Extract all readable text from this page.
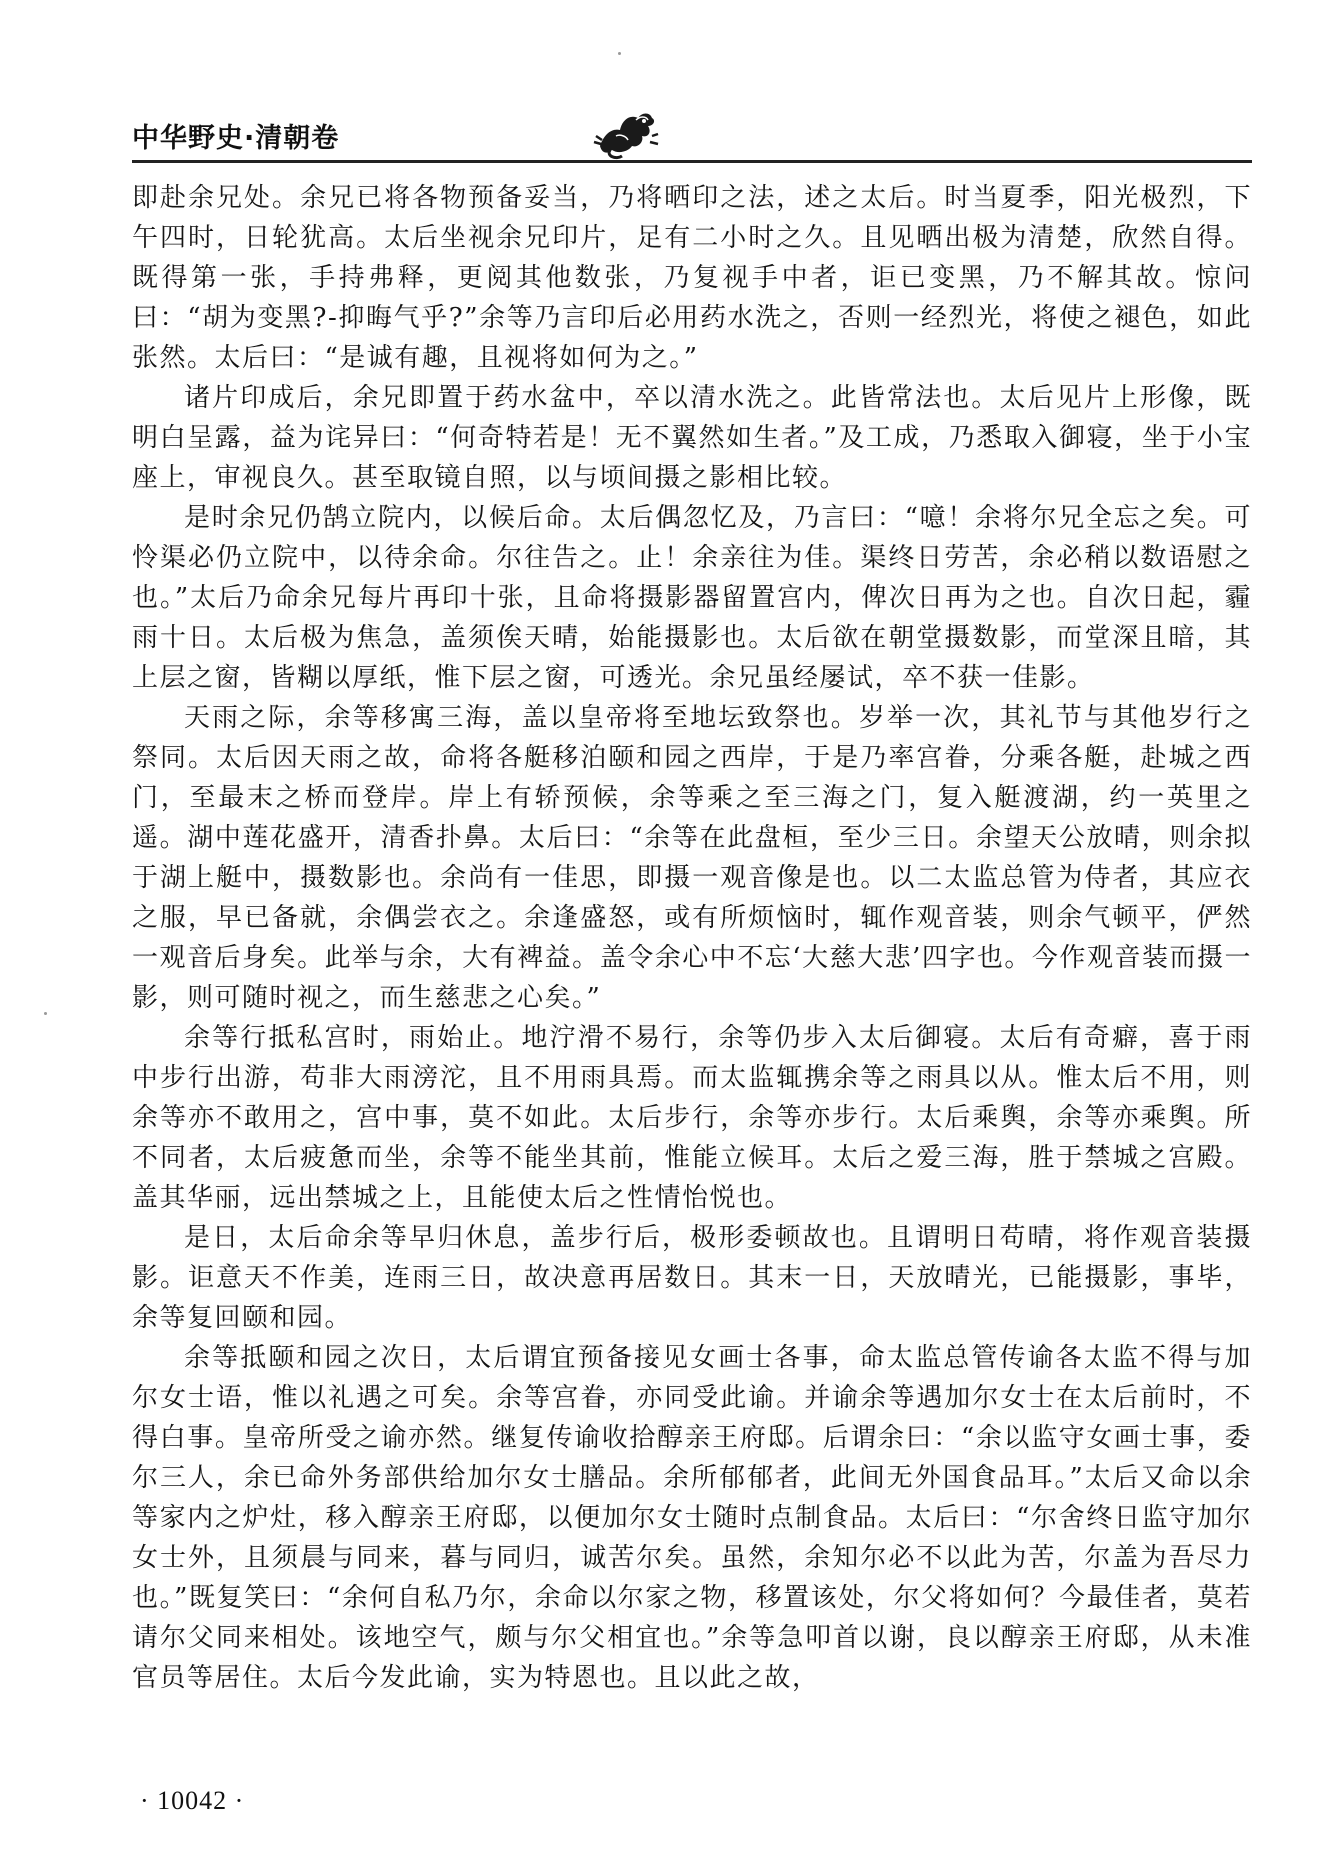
中华野史·清朝卷

即赴余兄处。余兄已将各物预备妥当，乃将晒印之法，述之太后。时当夏季，阳光极烈，下午四时，日轮犹高。太后坐视余兄印片，足有二小时之久。且见晒出极为清楚，欣然自得。既得第一张，手持弗释，更阅其他数张，乃复视手中者，讵已变黑，乃不解其故。惊问曰：“胡为变黑?-抑晦气乎?”余等乃言印后必用药水洗之，否则一经烈光，将使之褪色，如此张然。太后曰：“是诚有趣，且视将如何为之。”

诸片印成后，余兄即置于药水盆中，卒以清水洗之。此皆常法也。太后见片上形像，既明白呈露，益为诧异曰：“何奇特若是！无不翼然如生者。”及工成，乃悉取入御寝，坐于小宝座上，审视良久。甚至取镜自照，以与顷间摄之影相比较。

是时余兄仍鹄立院内，以候后命。太后偶忽忆及，乃言曰：“噫！余将尔兄全忘之矣。可怜渠必仍立院中，以待余命。尔往告之。止！余亲往为佳。渠终日劳苦，余必稍以数语慰之也。”太后乃命余兄每片再印十张，且命将摄影器留置宫内，俾次日再为之也。自次日起，霾雨十日。太后极为焦急，盖须俟天晴，始能摄影也。太后欲在朝堂摄数影，而堂深且暗，其上层之窗，皆糊以厚纸，惟下层之窗，可透光。余兄虽经屡试，卒不获一佳影。

天雨之际，余等移寓三海，盖以皇帝将至地坛致祭也。岁举一次，其礼节与其他岁行之祭同。太后因天雨之故，命将各艇移泊颐和园之西岸，于是乃率宫眷，分乘各艇，赴城之西门，至最末之桥而登岸。岸上有轿预候，余等乘之至三海之门，复入艇渡湖，约一英里之遥。湖中莲花盛开，清香扑鼻。太后曰：“余等在此盘桓，至少三日。余望天公放晴，则余拟于湖上艇中，摄数影也。余尚有一佳思，即摄一观音像是也。以二太监总管为侍者，其应衣之服，早已备就，余偶尝衣之。余逢盛怒，或有所烦恼时，辄作观音装，则余气顿平，俨然一观音后身矣。此举与余，大有裨益。盖令余心中不忘‘大慈大悲’四字也。今作观音装而摄一影，则可随时视之，而生慈悲之心矣。”

余等行抵私宫时，雨始止。地泞滑不易行，余等仍步入太后御寝。太后有奇癖，喜于雨中步行出游，苟非大雨滂沱，且不用雨具焉。而太监辄携余等之雨具以从。惟太后不用，则余等亦不敢用之，宫中事，莫不如此。太后步行，余等亦步行。太后乘舆，余等亦乘舆。所不同者，太后疲惫而坐，余等不能坐其前，惟能立候耳。太后之爱三海，胜于禁城之宫殿。盖其华丽，远出禁城之上，且能使太后之性情怡悦也。

是日，太后命余等早归休息，盖步行后，极形委顿故也。且谓明日苟晴，将作观音装摄影。讵意天不作美，连雨三日，故决意再居数日。其末一日，天放晴光，已能摄影，事毕，余等复回颐和园。

余等抵颐和园之次日，太后谓宜预备接见女画士各事，命太监总管传谕各太监不得与加尔女士语，惟以礼遇之可矣。余等宫眷，亦同受此谕。并谕余等遇加尔女士在太后前时，不得白事。皇帝所受之谕亦然。继复传谕收拾醇亲王府邸。后谓余曰：“余以监守女画士事，委尔三人，余已命外务部供给加尔女士膳品。余所郁郁者，此间无外国食品耳。”太后又命以余等家内之炉灶，移入醇亲王府邸，以便加尔女士随时点制食品。太后曰：“尔舍终日监守加尔女士外，且须晨与同来，暮与同归，诚苦尔矣。虽然，余知尔必不以此为苦，尔盖为吾尽力也。”既复笑曰：“余何自私乃尔，余命以尔家之物，移置该处，尔父将如何？今最佳者，莫若请尔父同来相处。该地空气，颇与尔父相宜也。”余等急叩首以谢，良以醇亲王府邸，从未准官员等居住。太后今发此谕，实为特恩也。且以此之故，

· 10042 ·
